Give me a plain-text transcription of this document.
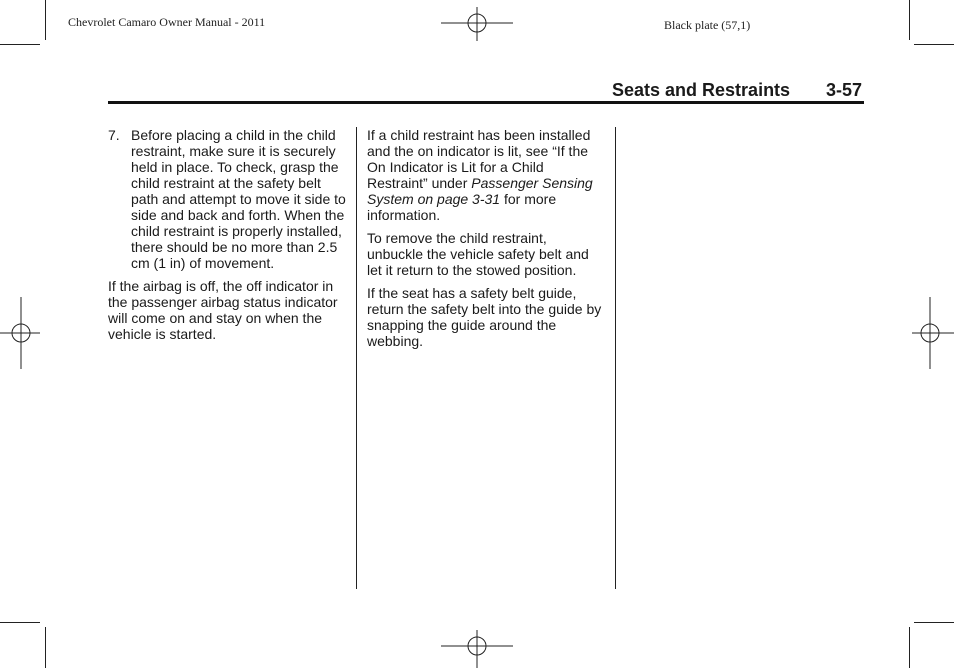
Chevrolet Camaro Owner Manual - 2011	Black plate (57,1)
Seats and Restraints 3-57
7. Before placing a child in the child restraint, make sure it is securely held in place. To check, grasp the child restraint at the safety belt path and attempt to move it side to side and back and forth. When the child restraint is properly installed, there should be no more than 2.5 cm (1 in) of movement.

If the airbag is off, the off indicator in the passenger airbag status indicator will come on and stay on when the vehicle is started.

If a child restraint has been installed and the on indicator is lit, see “If the On Indicator is Lit for a Child Restraint” under Passenger Sensing System on page 3-31 for more information.

To remove the child restraint, unbuckle the vehicle safety belt and let it return to the stowed position.

If the seat has a safety belt guide, return the safety belt into the guide by snapping the guide around the webbing.
